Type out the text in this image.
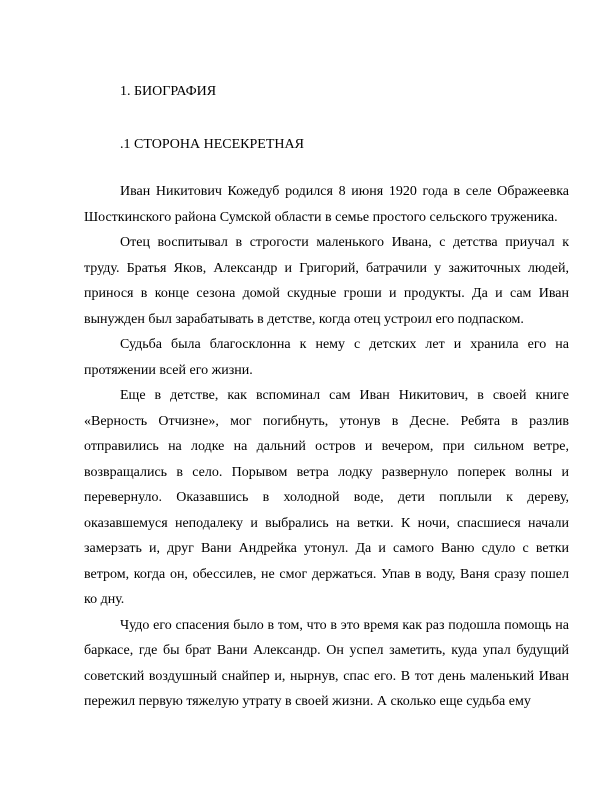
1. БИОГРАФИЯ
.1 СТОРОНА НЕСЕКРЕТНАЯ

Иван Никитович Кожедуб родился 8 июня 1920 года в селе Ображеевка Шосткинского района Сумской области в семье простого сельского труженика.

Отец воспитывал в строгости маленького Ивана, с детства приучал к труду. Братья Яков, Александр и Григорий, батрачили у зажиточных людей, принося в конце сезона домой скудные гроши и продукты. Да и сам Иван вынужден был зарабатывать в детстве, когда отец устроил его подпаском.

Судьба была благосклонна к нему с детских лет и хранила его на протяжении всей его жизни.

Еще в детстве, как вспоминал сам Иван Никитович, в своей книге «Верность Отчизне», мог погибнуть, утонув в Десне. Ребята в разлив отправились на лодке на дальний остров и вечером, при сильном ветре, возвращались в село. Порывом ветра лодку развернуло поперек волны и перевернуло. Оказавшись в холодной воде, дети поплыли к дереву, оказавшемуся неподалеку и выбрались на ветки. К ночи, спасшиеся начали замерзать и, друг Вани Андрейка утонул. Да и самого Ваню сдуло с ветки ветром, когда он, обессилев, не смог держаться. Упав в воду, Ваня сразу пошел ко дну.

Чудо его спасения было в том, что в это время как раз подошла помощь на баркасе, где бы брат Вани Александр. Он успел заметить, куда упал будущий советский воздушный снайпер и, нырнув, спас его. В тот день маленький Иван пережил первую тяжелую утрату в своей жизни. А сколько еще судьба ему
